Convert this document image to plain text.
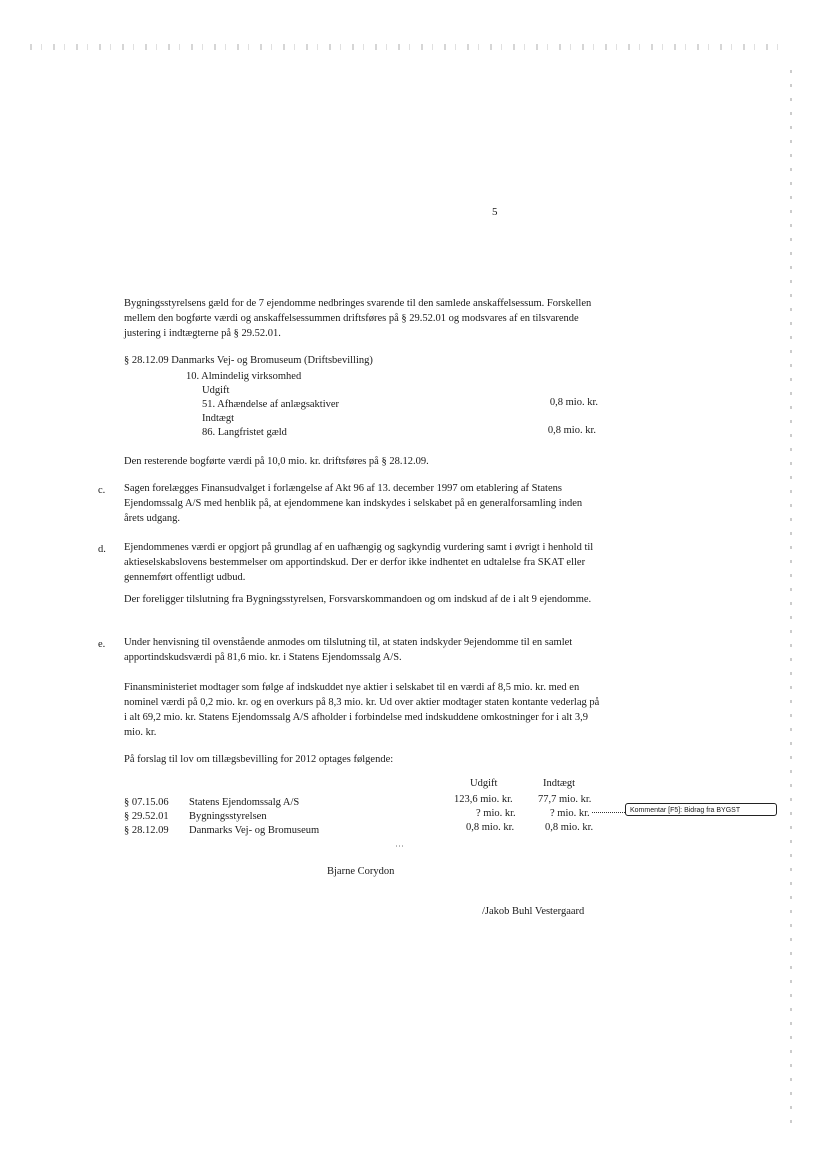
5
Bygningsstyrelsens gæld for de 7 ejendomme nedbringes svarende til den samlede anskaffelsessum. Forskellen mellem den bogførte værdi og anskaffelsessummen driftsføres på § 29.52.01 og modsvares af en tilsvarende justering i indtægterne på § 29.52.01.
§ 28.12.09 Danmarks Vej- og Bromuseum (Driftsbevilling)
10. Almindelig virksomhed
Udgift
51. Afhændelse af anlægsaktiver	0,8 mio. kr.
Indtægt
86. Langfristet gæld	0,8 mio. kr.
Den resterende bogførte værdi på 10,0 mio. kr. driftsføres på § 28.12.09.
c. Sagen forelægges Finansudvalget i forlængelse af Akt 96 af 13. december 1997 om etablering af Statens Ejendomssalg A/S med henblik på, at ejendommene kan indskydes i selskabet på en generalforsamling inden årets udgang.
d. Ejendommenes værdi er opgjort på grundlag af en uafhængig og sagkyndig vurdering samt i øvrigt i henhold til aktieselskabslovens bestemmelser om apportindskud. Der er derfor ikke indhentet en udtalelse fra SKAT eller gennemført offentligt udbud.
Der foreligger tilslutning fra Bygningsstyrelsen, Forsvarskommandoen og om indskud af de i alt 9 ejendomme.
e. Under henvisning til ovenstående anmodes om tilslutning til, at staten indskyder 9ejendomme til en samlet apportindskudsværdi på 81,6 mio. kr. i Statens Ejendomssalg A/S.
Finansministeriet modtager som følge af indskuddet nye aktier i selskabet til en værdi af 8,5 mio. kr. med en nominel værdi på 0,2 mio. kr. og en overkurs på 8,3 mio. kr. Ud over aktier modtager staten kontante vederlag på i alt 69,2 mio. kr. Statens Ejendomssalg A/S afholder i forbindelse med indskuddene omkostninger for i alt 3,9 mio. kr.
På forslag til lov om tillægsbevilling for 2012 optages følgende:
Udgift	Indtægt
§ 07.15.06 Statens Ejendomssalg A/S	123,6 mio. kr. 77,7 mio. kr.
§ 29.52.01 Bygningsstyrelsen	? mio. kr.	? mio. kr.
§ 28.12.09 Danmarks Vej- og Bromuseum	0,8 mio. kr.	0,8 mio. kr.
Kommentar [F5]: Bidrag fra BYGST
˙˙˙
Bjarne Corydon
/Jakob Buhl Vestergaard
